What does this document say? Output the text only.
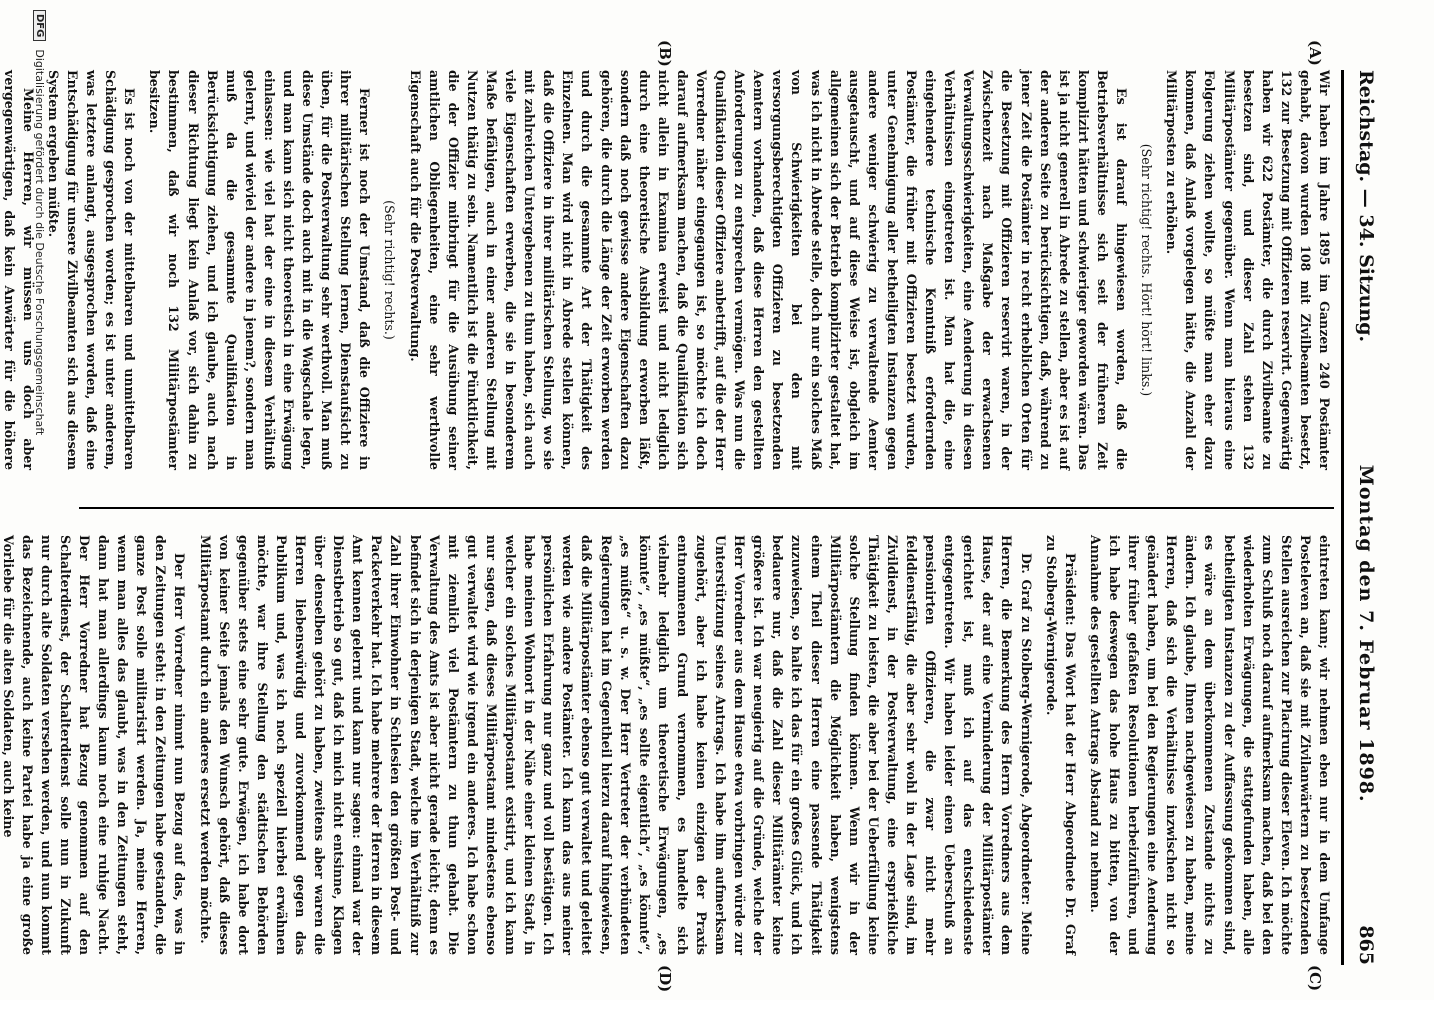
Reichstag. — 34. Sitzung.
Montag den 7. Februar 1898.
865
(A)
(B)
(C)
(D)

Wir haben im Jahre 1895 im Ganzen 240 Postämter gehabt, davon wurden 108 mit Zivilbeamten besetzt, 132 zur Besetzung mit Offizieren reservirt. Gegenwärtig haben wir 622 Postämter, die durch Zivilbeamte zu besetzen sind, und dieser Zahl stehen 132 Militärpostämter gegenüber. Wenn man hieraus eine Folgerung ziehen wollte, so müßte man eher dazu kommen, daß Anlaß vorgelegen hätte, die Anzahl der Militärposten zu erhöhen.

(Sehr richtig! rechts. Hört! hört! links.)

Es ist darauf hingewiesen worden, daß die Betriebsverhältnisse sich seit der früheren Zeit komplizirt hätten und schwieriger geworden wären. Das ist ja nicht generell in Abrede zu stellen, aber es ist auf der anderen Seite zu berücksichtigen, daß, während zu jener Zeit die Postämter in recht erheblichen Orten für die Besetzung mit Offizieren reservirt waren, in der Zwischenzeit nach Maßgabe der erwachsenen Verwaltungsschwierigkeiten, eine Aenderung in diesen Verhältnissen eingetreten ist. Man hat die, eine eingehendere technische Kenntniß erfordernden Postämter, die früher mit Offizieren besetzt wurden, unter Genehmigung aller betheiligten Instanzen gegen andere weniger schwierig zu verwaltende Aemter ausgetauscht, und auf diese Weise ist, obgleich im allgemeinen sich der Betrieb komplizirter gestaltet hat, was ich nicht in Abrede stelle, doch nur ein solches Maß von Schwierigkeiten bei den mit versorgungsberechtigten Offizieren zu besetzenden Aemtern vorhanden, daß diese Herren den gestellten Anforderungen zu entsprechen vermögen. Was nun die Qualifikation dieser Offiziere anbetrifft, auf die der Herr Vorredner näher eingegangen ist, so möchte ich doch darauf aufmerksam machen, daß die Qualifikation sich nicht allein in Examina erweist und nicht lediglich durch eine theoretische Ausbildung erworben läßt, sondern daß noch gewisse andere Eigenschaften dazu gehören, die durch die Länge der Zeit erworben werden und durch die gesammte Art der Thätigkeit des Einzelnen. Man wird nicht in Abrede stellen können, daß die Offiziere in ihrer militärischen Stellung, wo sie mit zahlreichen Untergebenen zu thun haben, sich auch viele Eigenschaften erwerben, die sie in besonderem Maße befähigen, auch in einer anderen Stellung mit Nutzen thätig zu sein. Namentlich ist die Pünktlichkeit, die der Offizier mitbringt für die Ausübung seiner amtlichen Obliegenheiten, eine sehr werthvolle Eigenschaft auch für die Postverwaltung.

(Sehr richtig! rechts.)

Ferner ist noch der Umstand, daß die Offiziere in ihrer militärischen Stellung lernen, Dienstaufsicht zu üben, für die Postverwaltung sehr werthvoll. Man muß diese Umstände doch auch mit in die Wagschale legen, und man kann sich nicht theoretisch in eine Erwägung einlassen: wie viel hat der eine in diesem Verhältniß gelernt, und wieviel der andere in jenem?, sondern man muß da die gesammte Qualifikation in Berücksichtigung ziehen, und ich glaube, auch nach dieser Richtung liegt kein Anlaß vor, sich dahin zu bestimmen, daß wir noch 132 Militärpostämter besitzen.

Es ist noch von der mittelbaren und unmittelbaren Schädigung gesprochen worden; es ist unter anderem, was letztere anlangt, ausgesprochen worden, daß eine Entschädigung für unsere Zivilbeamten sich aus diesem System ergeben müßte.

Meine Herren, wir müssen uns doch aber vergegenwärtigen, daß kein Anwärter für die höhere

eintreten kann; wir nehmen eben nur in dem Umfange Posteleven an, daß sie mit Zivilanwärtern zu besetzenden Stellen ausreichen zur Placirung dieser Eleven. Ich möchte zum Schluß noch darauf aufmerksam machen, daß bei den wiederholten Erwägungen, die stattgefunden haben, alle betheiligten Instanzen zu der Auffassung gekommen sind, es wäre an dem überkommenen Zustande nichts zu ändern. Ich glaube, Ihnen nachgewiesen zu haben, meine Herren, daß sich die Verhältnisse inzwischen nicht so geändert haben, um bei den Regierungen eine Aenderung ihrer früher gefaßten Resolutionen herbeizuführen, und ich habe deswegen das hohe Haus zu bitten, von der Annahme des gestellten Antrags Abstand zu nehmen.

Präsident: Das Wort hat der Herr Abgeordnete Dr. Graf zu Stolberg-Wernigerode.

Dr. Graf zu Stolberg-Wernigerode, Abgeordneter: Meine Herren, die Bemerkung des Herrn Vorredners aus dem Hause, der auf eine Verminderung der Militärpostämter gerichtet ist, muß ich auf das entschiedenste entgegentreten. Wir haben leider einen Ueberschuß an pensionirten Offizieren, die zwar nicht mehr felddienstfähig, die aber sehr wohl in der Lage sind, im Zivildienst, in der Postverwaltung, eine ersprießliche Thätigkeit zu leisten, die aber bei der Ueberfüllung keine solche Stellung finden können. Wenn wir in der Militärpostämtern die Möglichkeit haben, wenigstens einem Theil dieser Herren eine passende Thätigkeit zuzuweisen, so halte ich das für ein großes Glück, und ich bedauere nur, daß die Zahl dieser Militärämter keine größere ist. Ich war neugierig auf die Gründe, welche der Herr Vorredner aus dem Hause etwa vorbringen würde zur Unterstützung seines Antrags. Ich habe ihm aufmerksam zugehört, aber ich habe keinen einzigen der Praxis entnommenen Grund vernommen, es handelte sich vielmehr lediglich um theoretische Erwägungen, „es könnte“, „es müßte“, „es sollte eigentlich“, „es könnte“, „es müßte“ u. s. w. Der Herr Vertreter der verbündeten Regierungen hat im Gegentheil hierzu darauf hingewiesen, daß die Militärpostämter ebenso gut verwaltet und geleitet werden wie andere Postämter. Ich kann das aus meiner persönlichen Erfahrung nur ganz und voll bestätigen. Ich habe meinen Wohnort in der Nähe einer kleinen Stadt, in welcher ein solches Militärpostamt existirt, und ich kann nur sagen, daß dieses Militärpostamt mindestens ebenso gut verwaltet wird wie irgend ein anderes. Ich habe schon mit ziemlich viel Postämtern zu thun gehabt. Die Verwaltung des Amts ist aber nicht gerade leicht; denn es befindet sich in derjenigen Stadt, welche im Verhältniß zur Zahl ihrer Einwohner in Schlesien den größten Post- und Packetverkehr hat. Ich habe mehrere der Herren in diesem Amt kennen gelernt und kann nur sagen: einmal war der Dienstbetrieb so gut, daß ich mich nicht entsinne, Klagen über denselben gehört zu haben, zweitens aber waren die Herren liebenswürdig und zuvorkommend gegen das Publikum und, was ich noch speziell hierbei erwähnen möchte, war ihre Stellung den städtischen Behörden gegenüber stets eine sehr gute. Erwägen, ich habe dort von keiner Seite jemals den Wunsch gehört, daß dieses Militärpostamt durch ein anderes ersetzt werden möchte.

Der Herr Vorredner nimmt nun Bezug auf das, was in den Zeitungen steht: in den Zeitungen habe gestanden, die ganze Post solle militarisirt werden. Ja, meine Herren, wenn man alles das glaubt, was in den Zeitungen steht, dann hat man allerdings kaum noch eine ruhige Nacht. Der Herr Vorredner hat Bezug genommen auf den Schalterdienst, der Schalterdienst solle nun in Zukunft nur durch alte Soldaten versehen werden, und nun kommt das Bezeichnende, auch keine Partei habe ja eine große Vorliebe für die alten Soldaten, auch keine

DFG
Digitalisierung gefördert durch die Deutsche Forschungsgemeinschaft
